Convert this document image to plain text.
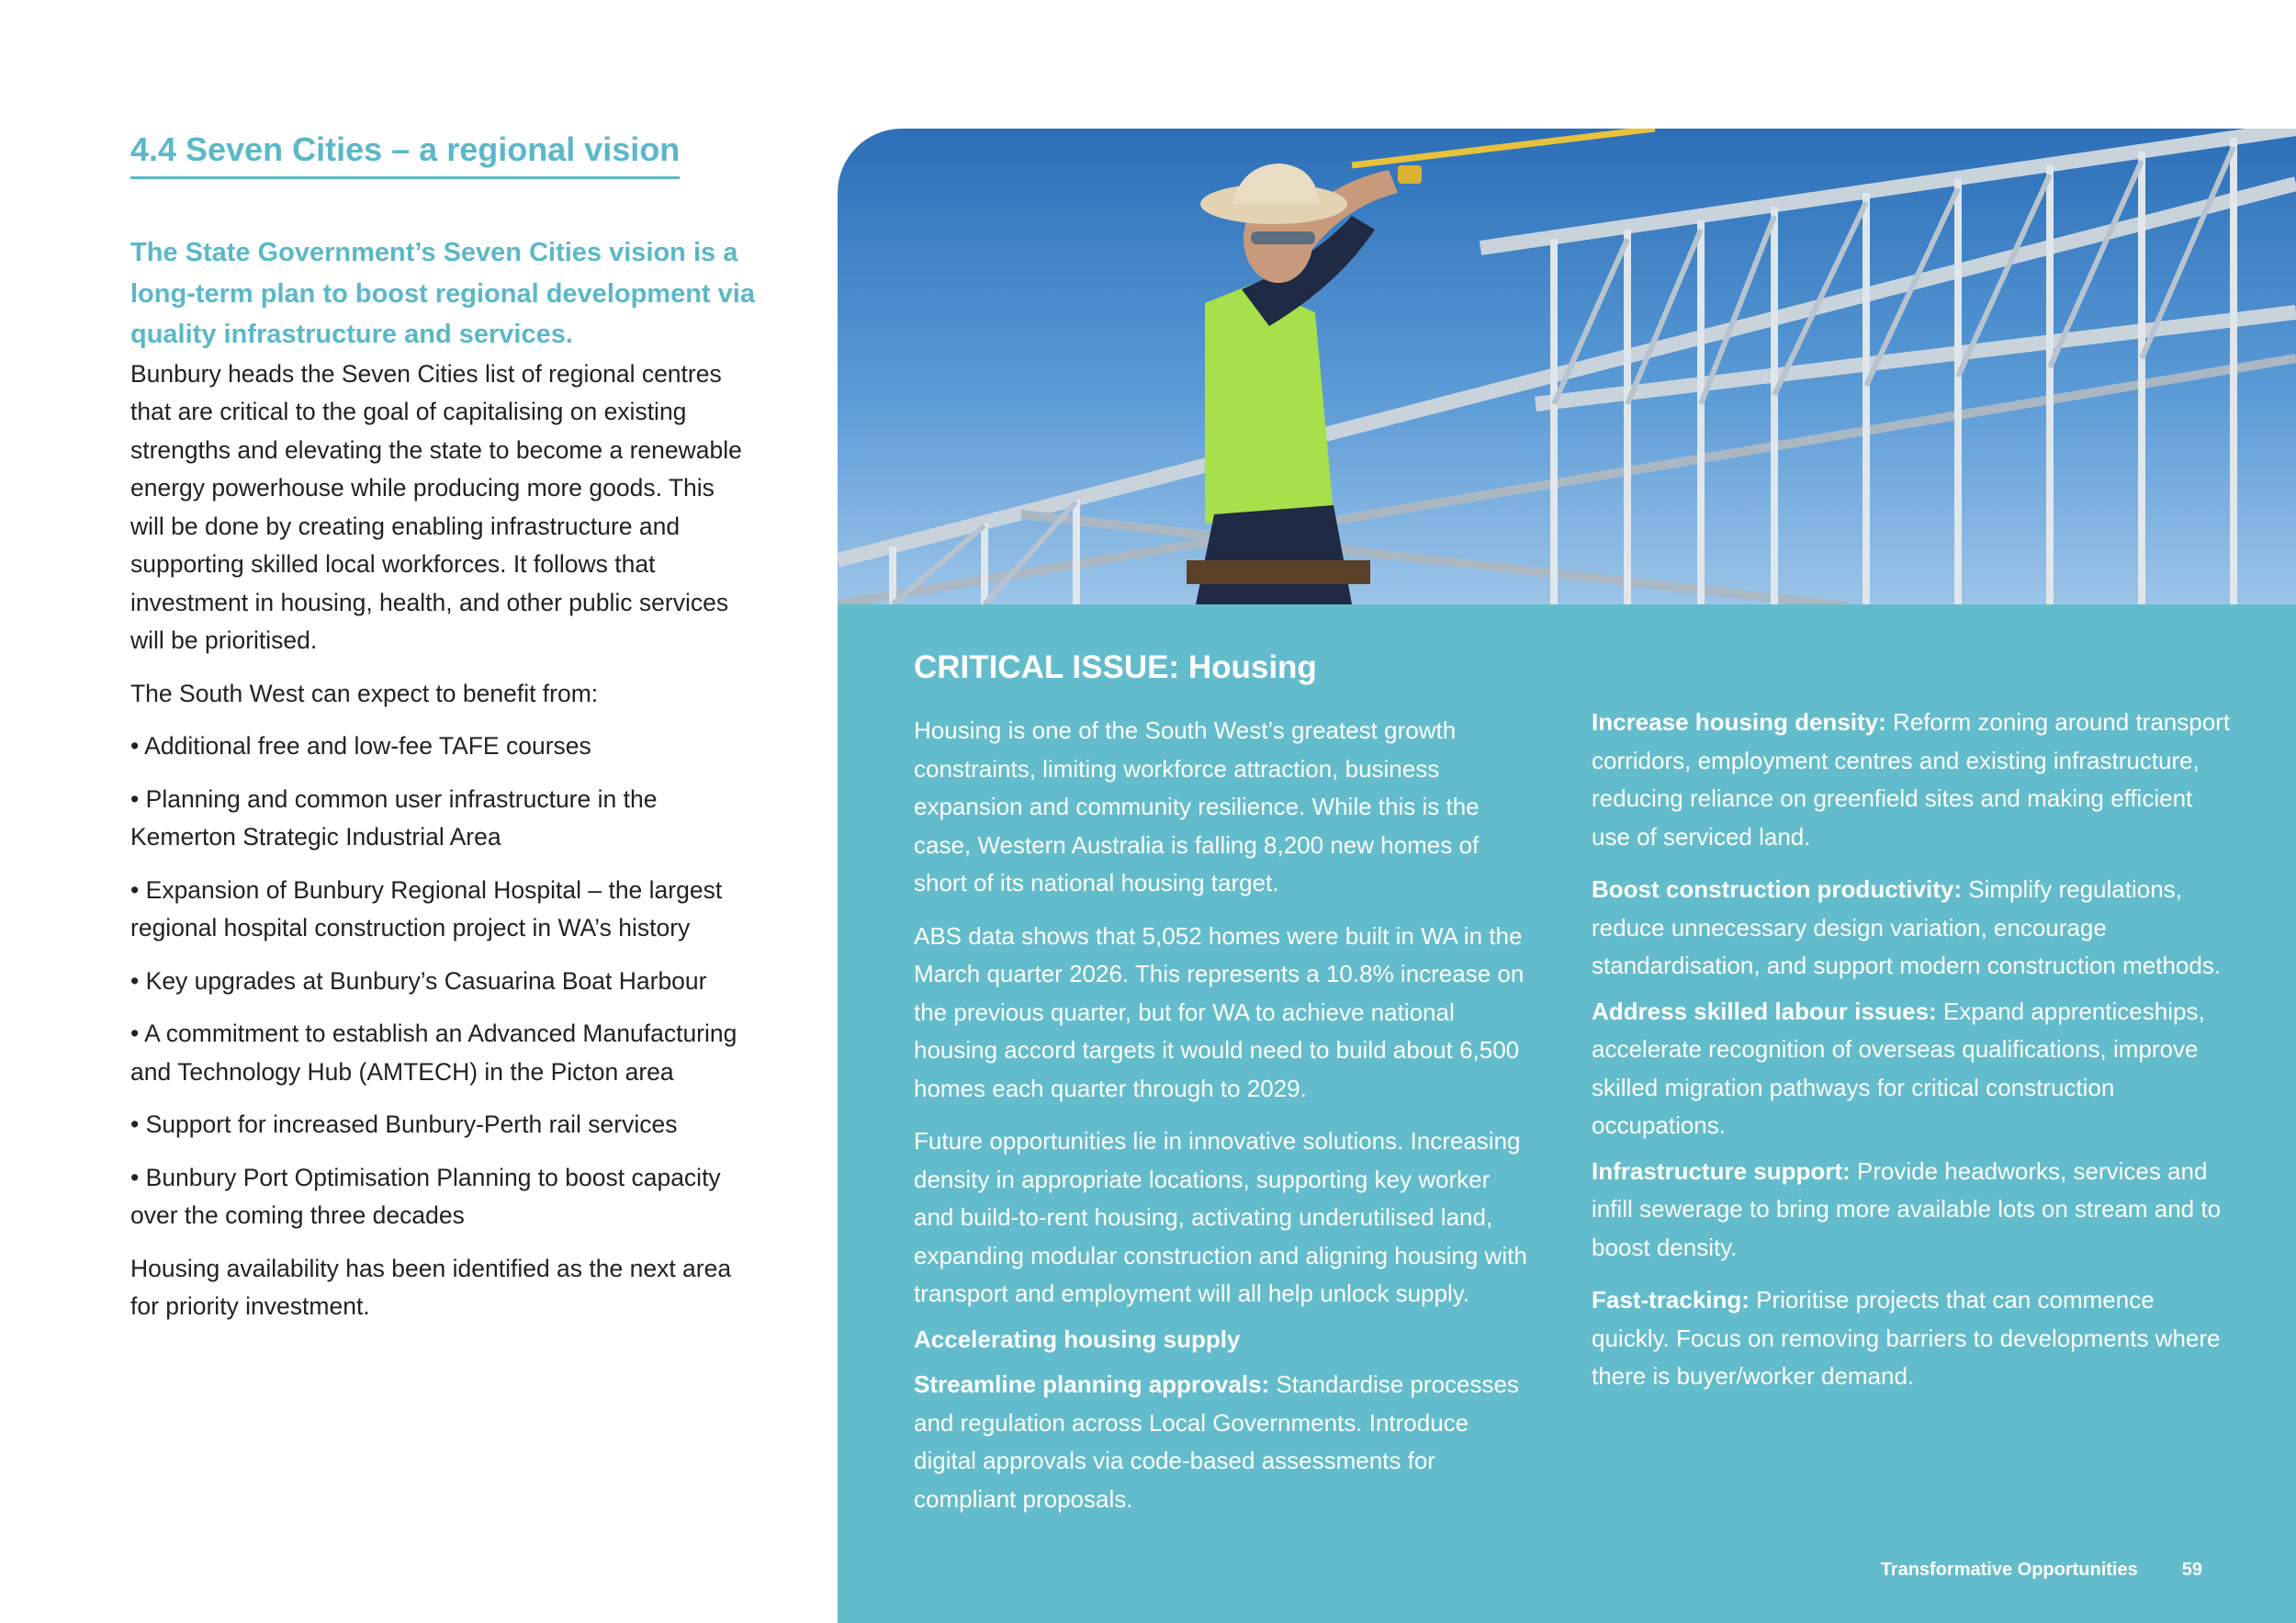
4.4 Seven Cities – a regional vision

The State Government’s Seven Cities vision is a long-term plan to boost regional development via quality infrastructure and services.

Bunbury heads the Seven Cities list of regional centres that are critical to the goal of capitalising on existing strengths and elevating the state to become a renewable energy powerhouse while producing more goods. This will be done by creating enabling infrastructure and supporting skilled local workforces. It follows that investment in housing, health, and other public services will be prioritised.

The South West can expect to benefit from:

• Additional free and low-fee TAFE courses
• Planning and common user infrastructure in the Kemerton Strategic Industrial Area
• Expansion of Bunbury Regional Hospital – the largest regional hospital construction project in WA’s history
• Key upgrades at Bunbury’s Casuarina Boat Harbour
• A commitment to establish an Advanced Manufacturing and Technology Hub (AMTECH) in the Picton area
• Support for increased Bunbury-Perth rail services
• Bunbury Port Optimisation Planning to boost capacity over the coming three decades

Housing availability has been identified as the next area for priority investment.

CRITICAL ISSUE: Housing

Housing is one of the South West’s greatest growth constraints, limiting workforce attraction, business expansion and community resilience. While this is the case, Western Australia is falling 8,200 new homes of short of its national housing target.

ABS data shows that 5,052 homes were built in WA in the March quarter 2026. This represents a 10.8% increase on the previous quarter, but for WA to achieve national housing accord targets it would need to build about 6,500 homes each quarter through to 2029.

Future opportunities lie in innovative solutions. Increasing density in appropriate locations, supporting key worker and build-to-rent housing, activating underutilised land, expanding modular construction and aligning housing with transport and employment will all help unlock supply.

Accelerating housing supply

Streamline planning approvals: Standardise processes and regulation across Local Governments. Introduce digital approvals via code-based assessments for compliant proposals.

Increase housing density: Reform zoning around transport corridors, employment centres and existing infrastructure, reducing reliance on greenfield sites and making efficient use of serviced land.

Boost construction productivity: Simplify regulations, reduce unnecessary design variation, encourage standardisation, and support modern construction methods.

Address skilled labour issues: Expand apprenticeships, accelerate recognition of overseas qualifications, improve skilled migration pathways for critical construction occupations.

Infrastructure support: Provide headworks, services and infill sewerage to bring more available lots on stream and to boost density.

Fast-tracking: Prioritise projects that can commence quickly. Focus on removing barriers to developments where there is buyer/worker demand.

Transformative Opportunities 59
